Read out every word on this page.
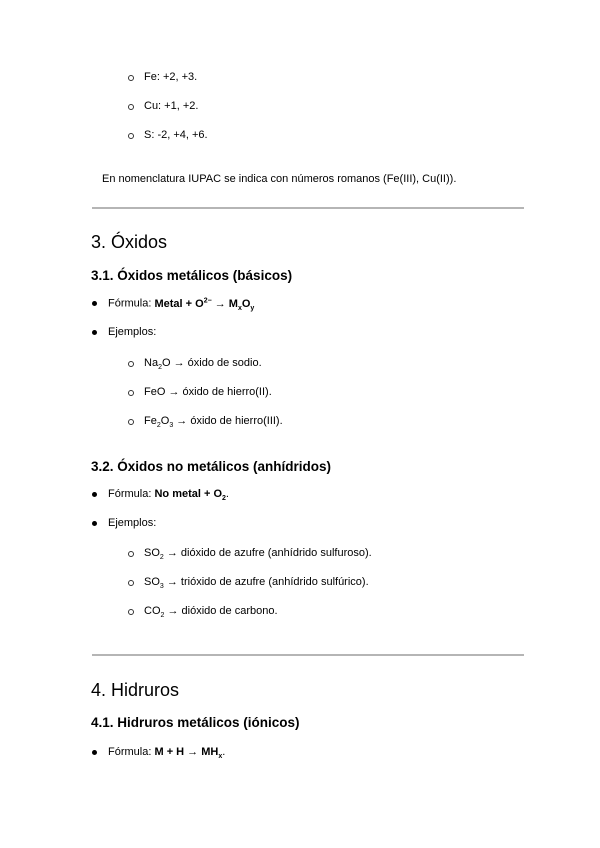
Fe: +2, +3.
Cu: +1, +2.
S: -2, +4, +6.
En nomenclatura IUPAC se indica con números romanos (Fe(III), Cu(II)).
3. Óxidos
3.1. Óxidos metálicos (básicos)
Fórmula: Metal + $O^{2-} \to M_xO_y$
Ejemplos:
$Na_2O$ → óxido de sodio.
FeO → óxido de hierro(II).
$Fe_2O_3$ → óxido de hierro(III).
3.2. Óxidos no metálicos (anhídridos)
Fórmula: No metal + $O_2$.
Ejemplos:
$SO_2$ → dióxido de azufre (anhídrido sulfuroso).
$SO_3$ → trióxido de azufre (anhídrido sulfúrico).
$CO_2$ → dióxido de carbono.
4. Hidruros
4.1. Hidruros metálicos (iónicos)
Fórmula: $M + H \to MH_x$.
